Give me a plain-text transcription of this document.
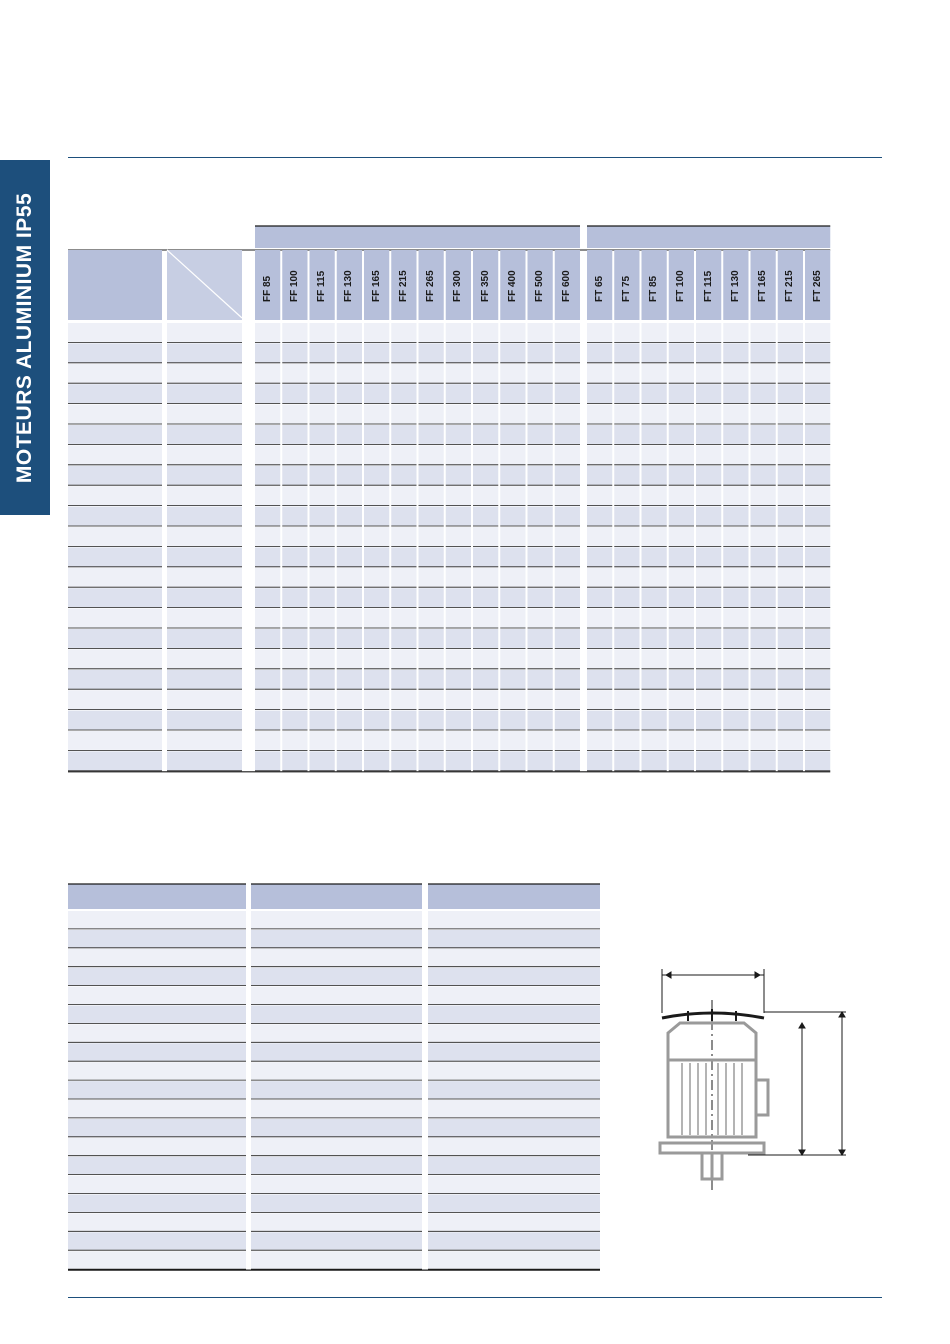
MOTEURS ALUMINIUM IP55	FF 85 FF 100 FF 115 FF 130 FF 165 FF 215 FF 265 FF 300 FF 350 FF 400 FF 500 FF 600 FT 65 FT 75 FT 85 FT 100 FT 115 FT 130 FT 165 FT 215 FT 265
